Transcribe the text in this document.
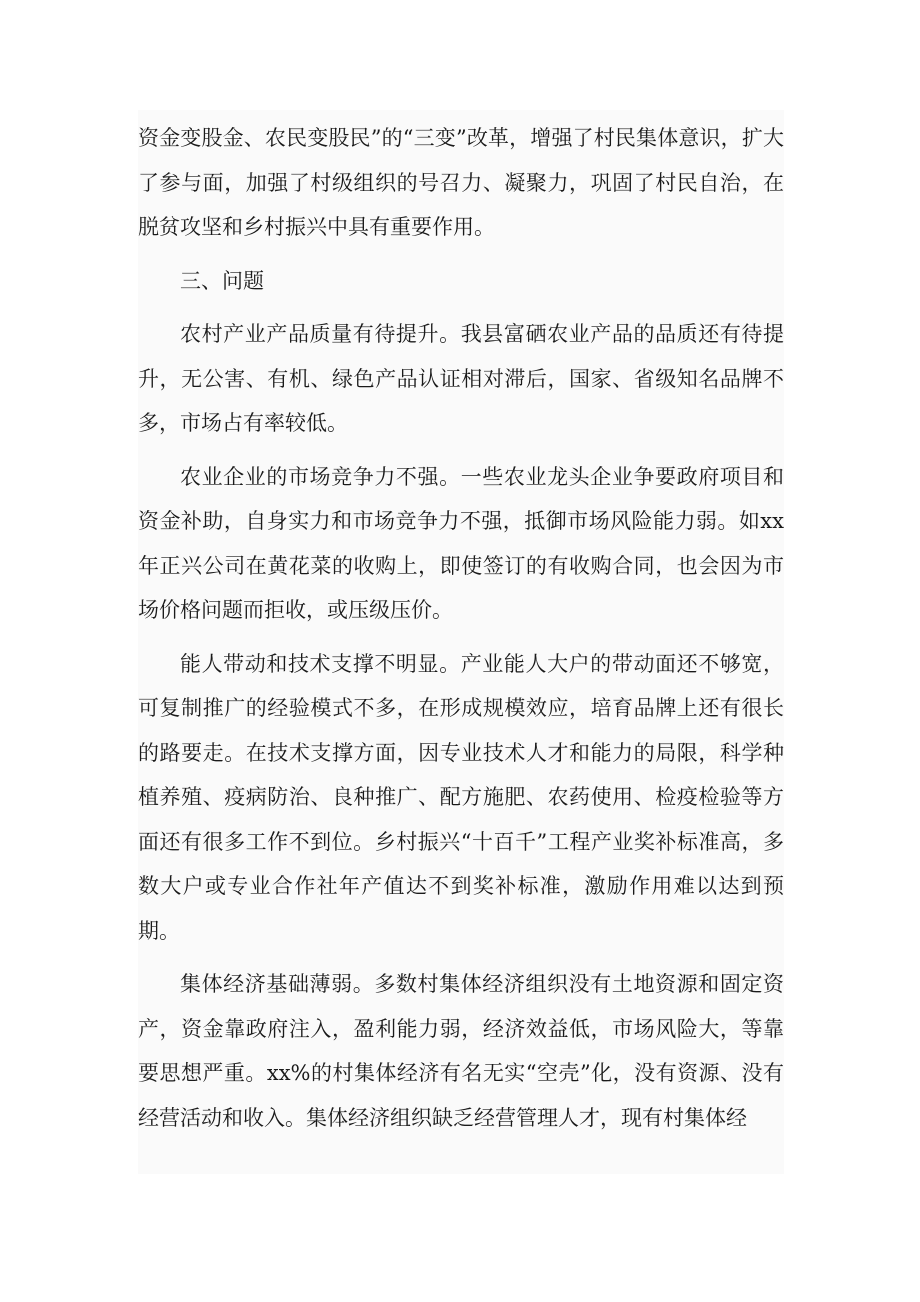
资金变股金、农民变股民”的“三变”改革，增强了村民集体意识，扩大了参与面，加强了村级组织的号召力、凝聚力，巩固了村民自治，在脱贫攻坚和乡村振兴中具有重要作用。

三、问题

农村产业产品质量有待提升。我县富硒农业产品的品质还有待提升，无公害、有机、绿色产品认证相对滞后，国家、省级知名品牌不多，市场占有率较低。

农业企业的市场竞争力不强。一些农业龙头企业争要政府项目和资金补助，自身实力和市场竞争力不强，抵御市场风险能力弱。如xx年正兴公司在黄花菜的收购上，即使签订的有收购合同，也会因为市场价格问题而拒收，或压级压价。

能人带动和技术支撑不明显。产业能人大户的带动面还不够宽，可复制推广的经验模式不多，在形成规模效应，培育品牌上还有很长的路要走。在技术支撑方面，因专业技术人才和能力的局限，科学种植养殖、疫病防治、良种推广、配方施肥、农药使用、检疫检验等方面还有很多工作不到位。乡村振兴“十百千”工程产业奖补标准高，多数大户或专业合作社年产值达不到奖补标准，激励作用难以达到预期。

集体经济基础薄弱。多数村集体经济组织没有土地资源和固定资产，资金靠政府注入，盈利能力弱，经济效益低，市场风险大，等靠要思想严重。xx%的村集体经济有名无实“空壳”化，没有资源、没有经营活动和收入。集体经济组织缺乏经营管理人才，现有村集体经
